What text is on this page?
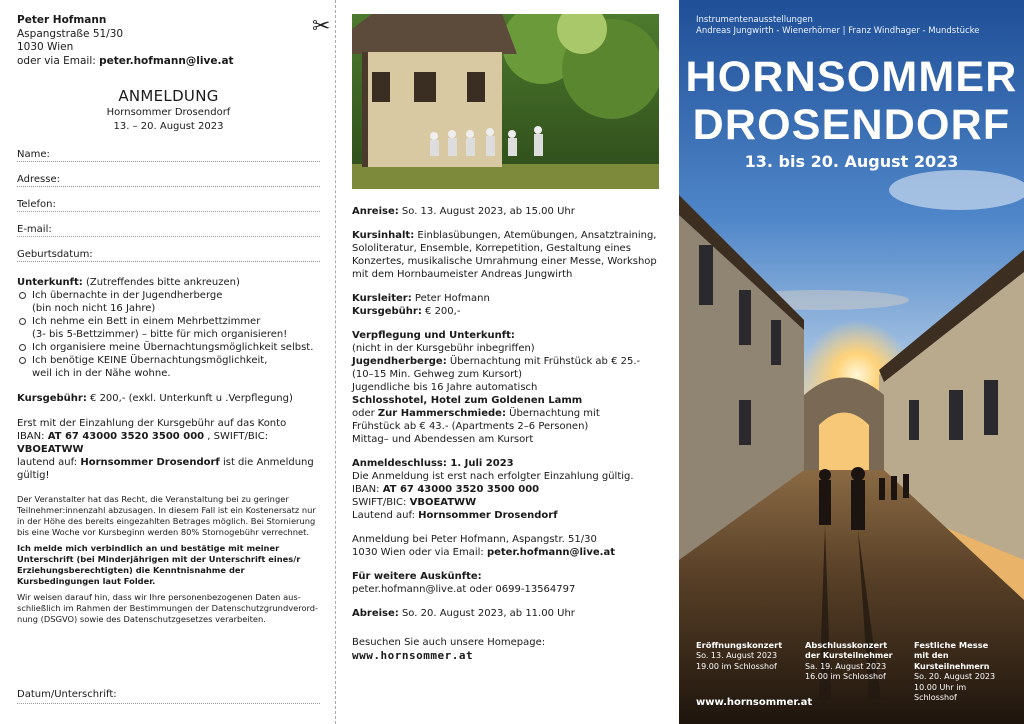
Peter Hofmann
Aspangstraße 51/30
1030 Wien
oder via Email: peter.hofmann@live.at
ANMELDUNG
Hornsommer Drosendorf
13. – 20. August 2023
Name:
Adresse:
Telefon:
E-mail:
Geburtsdatum:
Unterkunft: (Zutreffendes bitte ankreuzen)
Ich übernachte in der Jugendherberge
(bin noch nicht 16 Jahre)
Ich nehme ein Bett in einem Mehrbettzimmer
(3- bis 5-Bettzimmer) – bitte für mich organisieren!
Ich organisiere meine Übernachtungsmöglichkeit selbst.
Ich benötige KEINE Übernachtungsmöglichkeit,
weil ich in der Nähe wohne.
Kursgebühr: € 200,- (exkl. Unterkunft u .Verpflegung)
Erst mit der Einzahlung der Kursgebühr auf das Konto
IBAN: AT 67 43000 3520 3500 000 , SWIFT/BIC: VBOEATWW
lautend auf: Hornsommer Drosendorf ist die Anmeldung gültig!
Der Veranstalter hat das Recht, die Veranstaltung bei zu geringer Teilnehmer:innenzahl abzusagen. In diesem Fall ist ein Kostenersatz nur in der Höhe des bereits eingezahlten Betrages möglich. Bei Stornierung bis eine Woche vor Kursbeginn werden 80% Stornogebühr verrechnet.
Ich melde mich verbindlich an und bestätige mit meiner Unterschrift (bei Minderjährigen mit der Unterschrift eines/r Erziehungsberechtigten) die Kenntnisnahme der Kursbedingungen laut Folder.
Wir weisen darauf hin, dass wir Ihre personenbezogenen Daten aus-schließlich im Rahmen der Bestimmungen der Datenschutzgrundverord-nung (DSGVO) sowie des Datenschutzgesetzes verarbeiten.
Datum/Unterschrift:
✂
Anreise: So. 13. August 2023, ab 15.00 Uhr
Kursinhalt: Einblasübungen, Atemübungen, Ansatztraining, Sololiteratur, Ensemble, Korrepetition, Gestaltung eines Konzertes, musikalische Umrahmung einer Messe, Workshop mit dem Hornbaumeister Andreas Jungwirth
Kursleiter: Peter Hofmann
Kursgebühr: € 200,-
Verpflegung und Unterkunft:
(nicht in der Kursgebühr inbegriffen)
Jugendherberge: Übernachtung mit Frühstück ab € 25.-
(10–15 Min. Gehweg zum Kursort)
Jugendliche bis 16 Jahre automatisch
Schlosshotel, Hotel zum Goldenen Lamm
oder Zur Hammerschmiede: Übernachtung mit
Frühstück ab € 43.- (Apartments 2–6 Personen)
Mittag– und Abendessen am Kursort
Anmeldeschluss: 1. Juli 2023
Die Anmeldung ist erst nach erfolgter Einzahlung gültig.
IBAN: AT 67 43000 3520 3500 000
SWIFT/BIC: VBOEATWW
Lautend auf: Hornsommer Drosendorf
Anmeldung bei Peter Hofmann, Aspangstr. 51/30
1030 Wien oder via Email: peter.hofmann@live.at
Für weitere Auskünfte:
peter.hofmann@live.at oder 0699-13564797
Abreise: So. 20. August 2023, ab 11.00 Uhr
Besuchen Sie auch unsere Homepage:
www.hornsommer.at
Instrumentenausstellungen
Andreas Jungwirth - Wienerhörner | Franz Windhager - Mundstücke
HORNSOMMER
DROSENDORF
13. bis 20. August 2023
Eröffnungskonzert
So. 13. August 2023
19.00 im Schlosshof
Abschlusskonzert
der Kursteilnehmer
Sa. 19. August 2023
16.00 im Schlosshof
Festliche Messe
mit den Kursteilnehmern
So. 20. August 2023
10.00 Uhr im Schlosshof
www.hornsommer.at
